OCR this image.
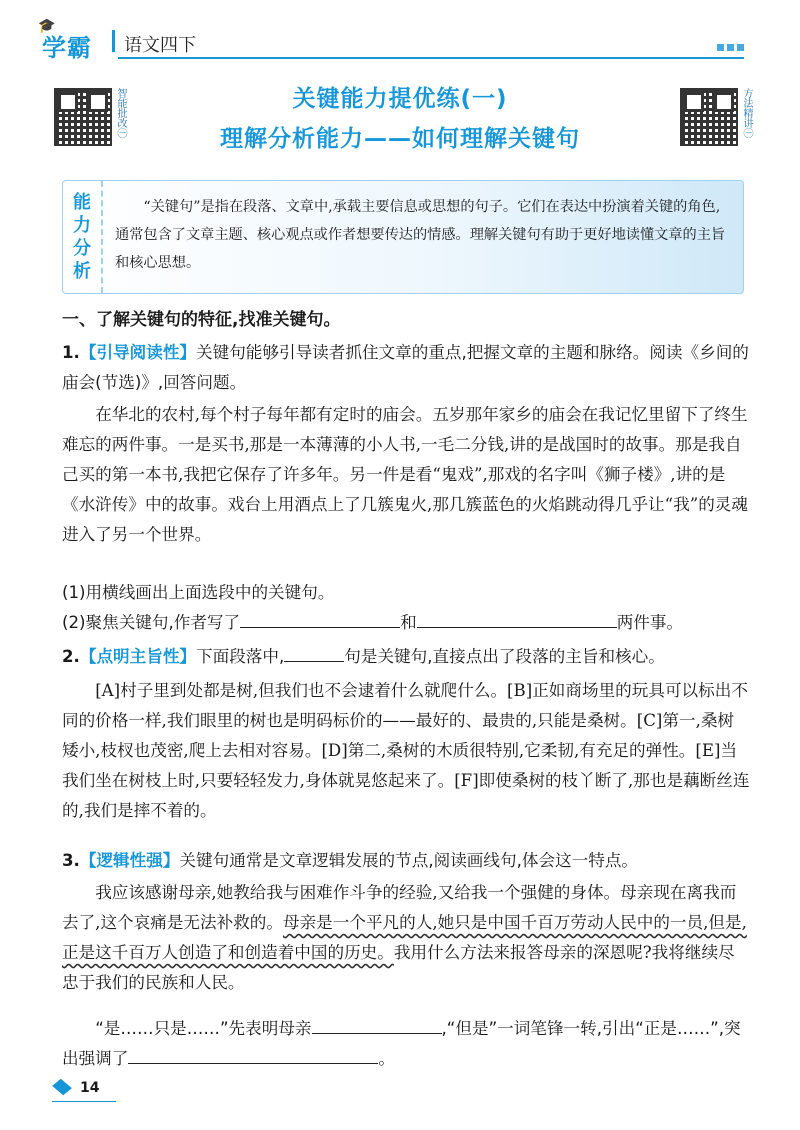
🎓
学霸 语文四下
智能批改㊀	方法精讲㊀
关键能力提优练(一)
理解分析能力——如何理解关键句
能
力
分
析
“关键句”是指在段落、文章中,承载主要信息或思想的句子。它们在表达中扮演着关键的角色,通常包含了文章主题、核心观点或作者想要传达的情感。理解关键句有助于更好地读懂文章的主旨和核心思想。
一、了解关键句的特征,找准关键句。
1.【引导阅读性】关键句能够引导读者抓住文章的重点,把握文章的主题和脉络。阅读《乡间的庙会(节选)》,回答问题。
在华北的农村,每个村子每年都有定时的庙会。五岁那年家乡的庙会在我记忆里留下了终生难忘的两件事。一是买书,那是一本薄薄的小人书,一毛二分钱,讲的是战国时的故事。那是我自己买的第一本书,我把它保存了许多年。另一件是看“鬼戏”,那戏的名字叫《狮子楼》,讲的是《水浒传》中的故事。戏台上用酒点上了几簇鬼火,那几簇蓝色的火焰跳动得几乎让“我”的灵魂进入了另一个世界。
(1)用横线画出上面选段中的关键句。
(2)聚焦关键句,作者写了	和	两件事。
2.【点明主旨性】下面段落中,	句是关键句,直接点出了段落的主旨和核心。
[A]村子里到处都是树,但我们也不会逮着什么就爬什么。[B]正如商场里的玩具可以标出不同的价格一样,我们眼里的树也是明码标价的——最好的、最贵的,只能是桑树。[C]第一,桑树矮小,枝杈也茂密,爬上去相对容易。[D]第二,桑树的木质很特别,它柔韧,有充足的弹性。[E]当我们坐在树枝上时,只要轻轻发力,身体就晃悠起来了。[F]即使桑树的枝丫断了,那也是藕断丝连的,我们是摔不着的。
3.【逻辑性强】关键句通常是文章逻辑发展的节点,阅读画线句,体会这一特点。
我应该感谢母亲,她教给我与困难作斗争的经验,又给我一个强健的身体。母亲现在离我而去了,这个哀痛是无法补救的。母亲是一个平凡的人,她只是中国千百万劳动人民中的一员,但是,正是这千百万人创造了和创造着中国的历史。我用什么方法来报答母亲的深恩呢?我将继续尽忠于我们的民族和人民。
“是……只是……”先表明母亲	,“但是”一词笔锋一转,引出“正是……”,突出强调了	。
14
